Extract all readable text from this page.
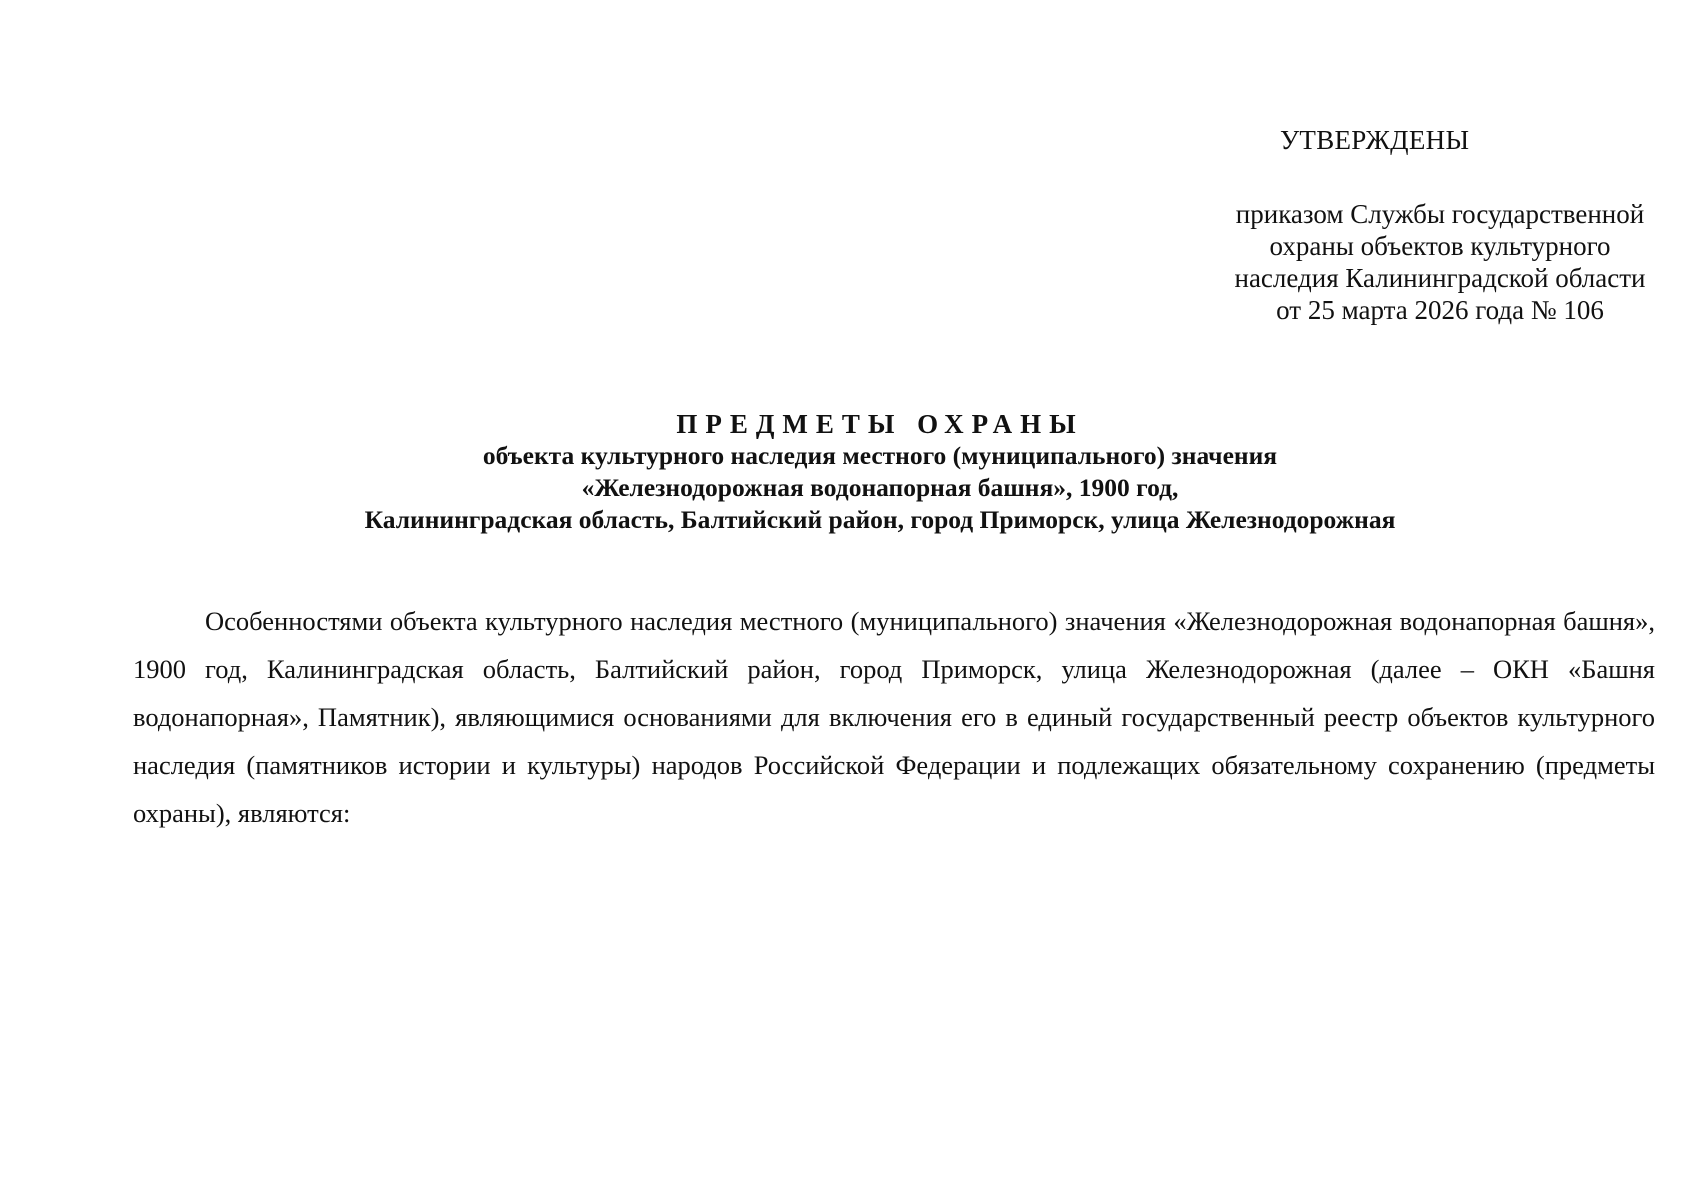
УТВЕРЖДЕНЫ
приказом Службы государственной
охраны объектов культурного
наследия Калининградской области
от 25 марта 2026 года № 106
ПРЕДМЕТЫ ОХРАНЫ
объекта культурного наследия местного (муниципального) значения
«Железнодорожная водонапорная башня», 1900 год,
Калининградская область, Балтийский район, город Приморск, улица Железнодорожная
Особенностями объекта культурного наследия местного (муниципального) значения «Железнодорожная водонапорная башня», 1900 год, Калининградская область, Балтийский район, город Приморск, улица Железнодорожная (далее – ОКН «Башня водонапорная», Памятник), являющимися основаниями для включения его в единый государственный реестр объектов культурного наследия (памятников истории и культуры) народов Российской Федерации и подлежащих обязательному сохранению (предметы охраны), являются:
